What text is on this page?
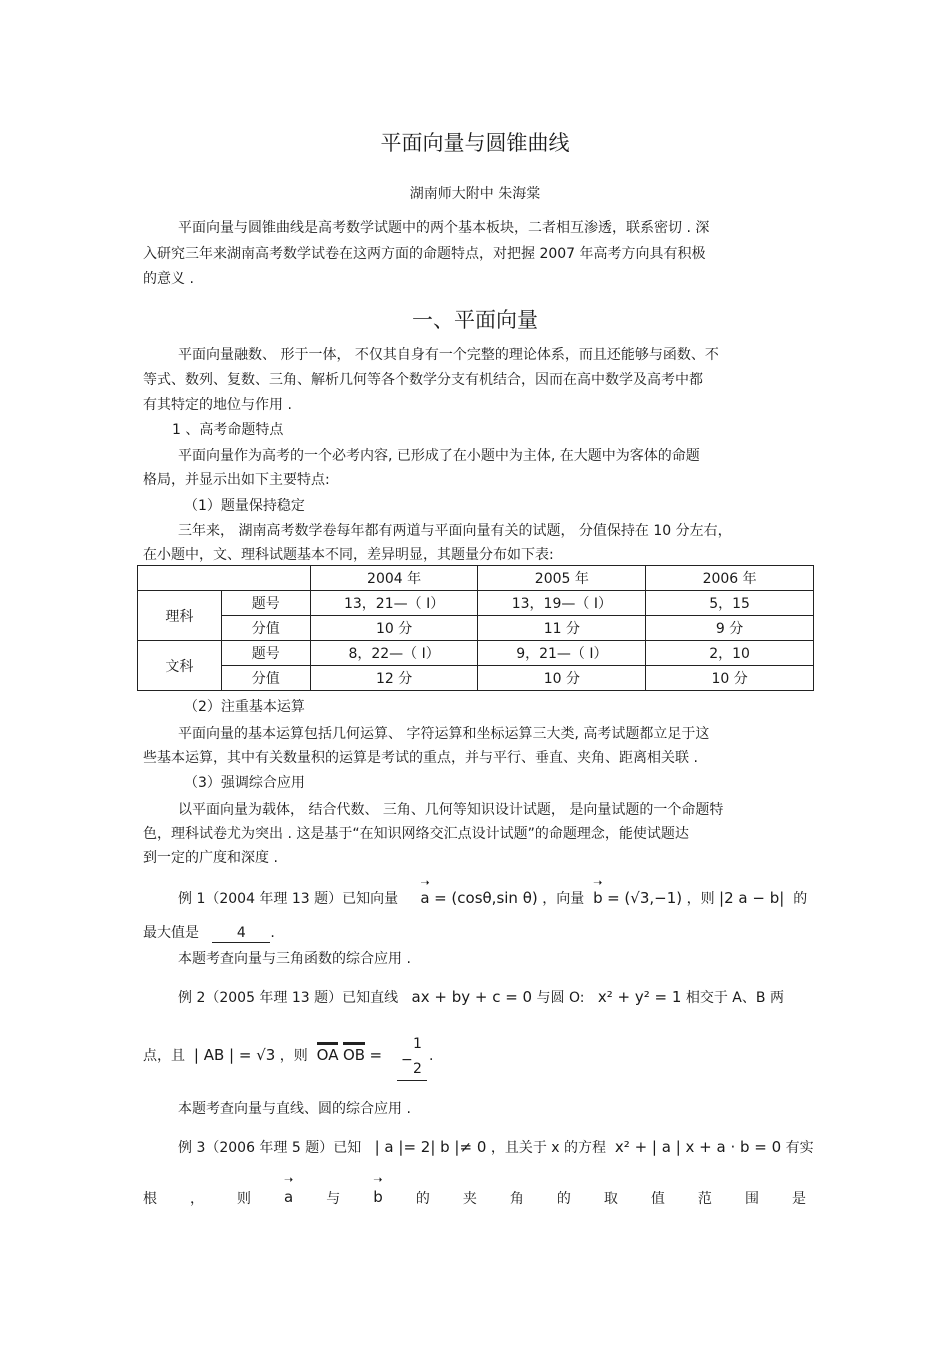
平面向量与圆锥曲线
湖南师大附中 朱海棠
平面向量与圆锥曲线是高考数学试题中的两个基本板块，二者相互渗透，联系密切 . 深
入研究三年来湖南高考数学试卷在这两方面的命题特点，对把握 2007 年高考方向具有积极
的意义 .
一、平面向量
平面向量融数、 形于一体， 不仅其自身有一个完整的理论体系，而且还能够与函数、不
等式、数列、复数、三角、解析几何等各个数学分支有机结合，因而在高中数学及高考中都
有其特定的地位与作用 .
1 、高考命题特点
平面向量作为高考的一个必考内容, 已形成了在小题中为主体, 在大题中为客体的命题
格局，并显示出如下主要特点:
（1）题量保持稳定
三年来， 湖南高考数学卷每年都有两道与平面向量有关的试题， 分值保持在 10 分左右，
在小题中，文、理科试题基本不同，差异明显，其题量分布如下表:
		2004 年	2005 年	2006 年
理科	题号	13，21—（ I）	13，19—（ I）	5，15
	分值	10 分	11 分	9 分
文科	题号	8，22—（ I）	9，21—（ I）	2，10
	分值	12 分	10 分	10 分
（2）注重基本运算
平面向量的基本运算包括几何运算、 字符运算和坐标运算三大类, 高考试题都立足于这
些基本运算，其中有关数量积的运算是考试的重点，并与平行、垂直、夹角、距离相关联 .
（3）强调综合应用
以平面向量为载体， 结合代数、 三角、几何等知识设计试题， 是向量试题的一个命题特
色，理科试卷尤为突出 . 这是基于“在知识网络交汇点设计试题”的命题理念，能使试题达
到一定的广度和深度 .
例 1（2004 年理 13 题）已知向量 ➝ a = (cosθ,sin θ) ，向量 ➝ b = (√3,−1) ，则 |2 a − b| 的
最大值是	4 .
本题考查向量与三角函数的综合应用 .
例 2（2005 年理 13 题）已知直线 ax + by + c = 0 与圆 O: x² + y² = 1 相交于 A、B 两
点，且 | AB | = √3 ，则 OA OB = −
1
2
.
本题考查向量与直线、圆的综合应用 .
例 3（2006 年理 5 题）已知 | a |= 2| b |≠ 0 ，且关于 x 的方程 x² + | a | x + a · b = 0 有实
根 ， 则 ➝ a 与 ➝ b 的 夹 角 的 取 值 范 围 是
